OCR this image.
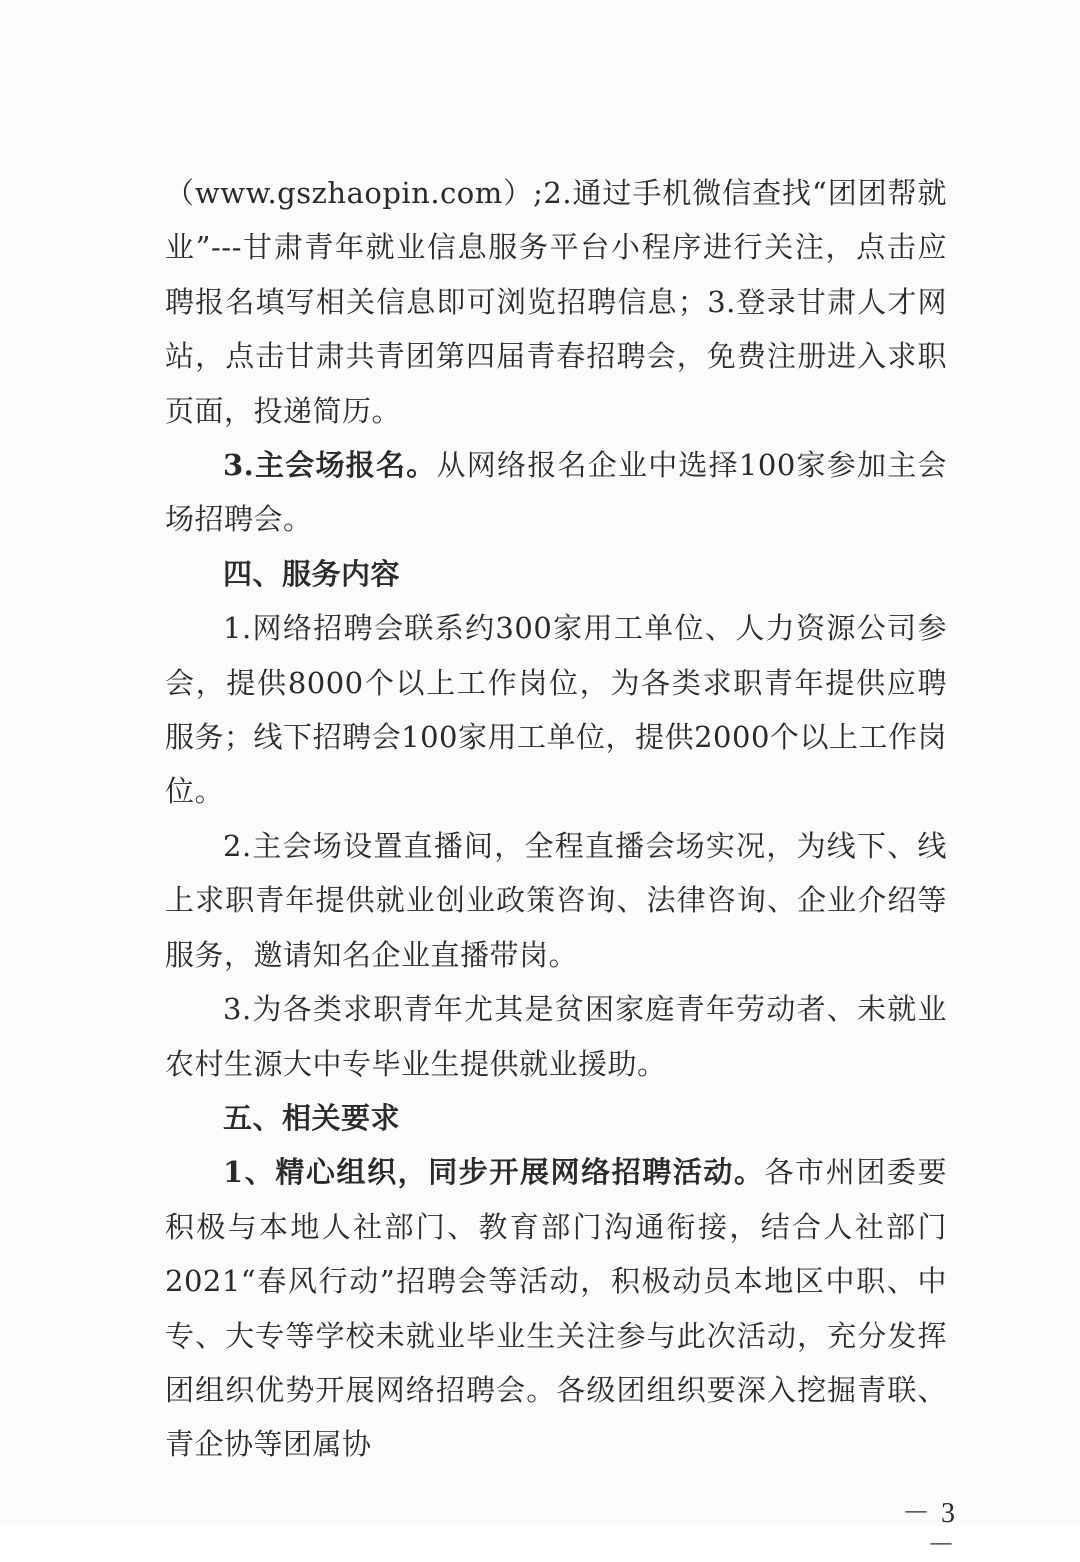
（www.gszhaopin.com）;2.通过手机微信查找“团团帮就业”---甘肃青年就业信息服务平台小程序进行关注，点击应聘报名填写相关信息即可浏览招聘信息；3.登录甘肃人才网站，点击甘肃共青团第四届青春招聘会，免费注册进入求职页面，投递简历。

3.主会场报名。从网络报名企业中选择100家参加主会场招聘会。

四、服务内容

1.网络招聘会联系约300家用工单位、人力资源公司参会，提供8000个以上工作岗位，为各类求职青年提供应聘服务；线下招聘会100家用工单位，提供2000个以上工作岗位。

2.主会场设置直播间，全程直播会场实况，为线下、线上求职青年提供就业创业政策咨询、法律咨询、企业介绍等服务，邀请知名企业直播带岗。

3.为各类求职青年尤其是贫困家庭青年劳动者、未就业农村生源大中专毕业生提供就业援助。

五、相关要求

1、精心组织，同步开展网络招聘活动。各市州团委要积极与本地人社部门、教育部门沟通衔接，结合人社部门2021“春风行动”招聘会等活动，积极动员本地区中职、中专、大专等学校未就业毕业生关注参与此次活动，充分发挥团组织优势开展网络招聘会。各级团组织要深入挖掘青联、青企协等团属协

－ 3 －
